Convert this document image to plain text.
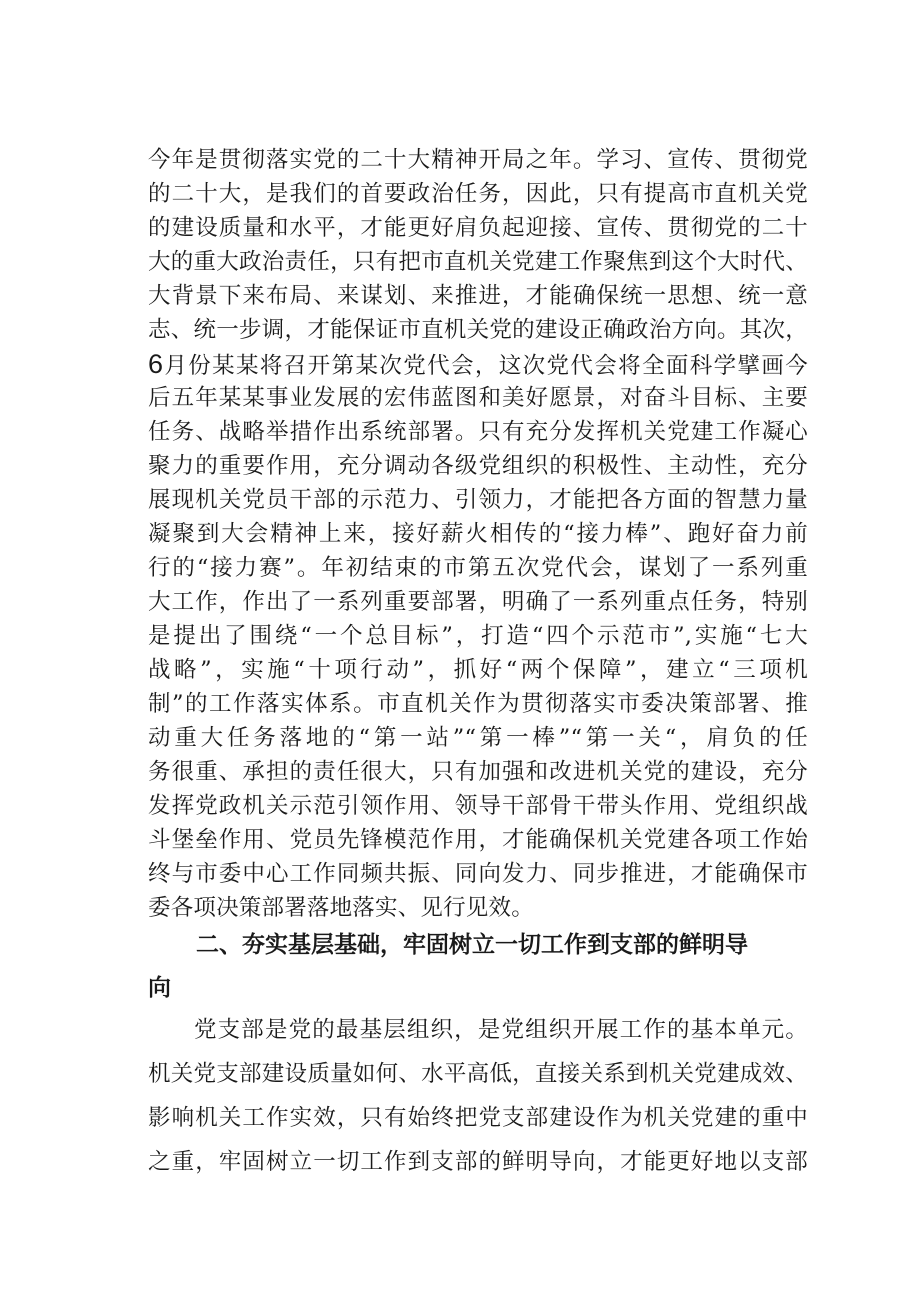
今年是贯彻落实党的二十大精神开局之年。学习、宣传、贯彻党
的二十大，是我们的首要政治任务，因此，只有提高市直机关党
的建设质量和水平，才能更好肩负起迎接、宣传、贯彻党的二十
大的重大政治责任，只有把市直机关党建工作聚焦到这个大时代、
大背景下来布局、来谋划、来推进，才能确保统一思想、统一意
志、统一步调，才能保证市直机关党的建设正确政治方向。其次，
6月份某某将召开第某次党代会，这次党代会将全面科学擘画今
后五年某某事业发展的宏伟蓝图和美好愿景，对奋斗目标、主要
任务、战略举措作出系统部署。只有充分发挥机关党建工作凝心
聚力的重要作用，充分调动各级党组织的积极性、主动性，充分
展现机关党员干部的示范力、引领力，才能把各方面的智慧力量
凝聚到大会精神上来，接好薪火相传的“接力棒”、跑好奋力前
行的“接力赛”。年初结束的市第五次党代会，谋划了一系列重
大工作，作出了一系列重要部署，明确了一系列重点任务，特别
是提出了围绕“一个总目标”，打造“四个示范市”,实施“七大
战略”，实施“十项行动”，抓好“两个保障”，建立“三项机
制”的工作落实体系。市直机关作为贯彻落实市委决策部署、推
动重大任务落地的“第一站”“第一棒”“第一关“，肩负的任
务很重、承担的责任很大，只有加强和改进机关党的建设，充分
发挥党政机关示范引领作用、领导干部骨干带头作用、党组织战
斗堡垒作用、党员先锋模范作用，才能确保机关党建各项工作始
终与市委中心工作同频共振、同向发力、同步推进，才能确保市
委各项决策部署落地落实、见行见效。
二、夯实基层基础，牢固树立一切工作到支部的鲜明导
向
党支部是党的最基层组织，是党组织开展工作的基本单元。
机关党支部建设质量如何、水平高低，直接关系到机关党建成效、
影响机关工作实效，只有始终把党支部建设作为机关党建的重中
之重，牢固树立一切工作到支部的鲜明导向，才能更好地以支部
